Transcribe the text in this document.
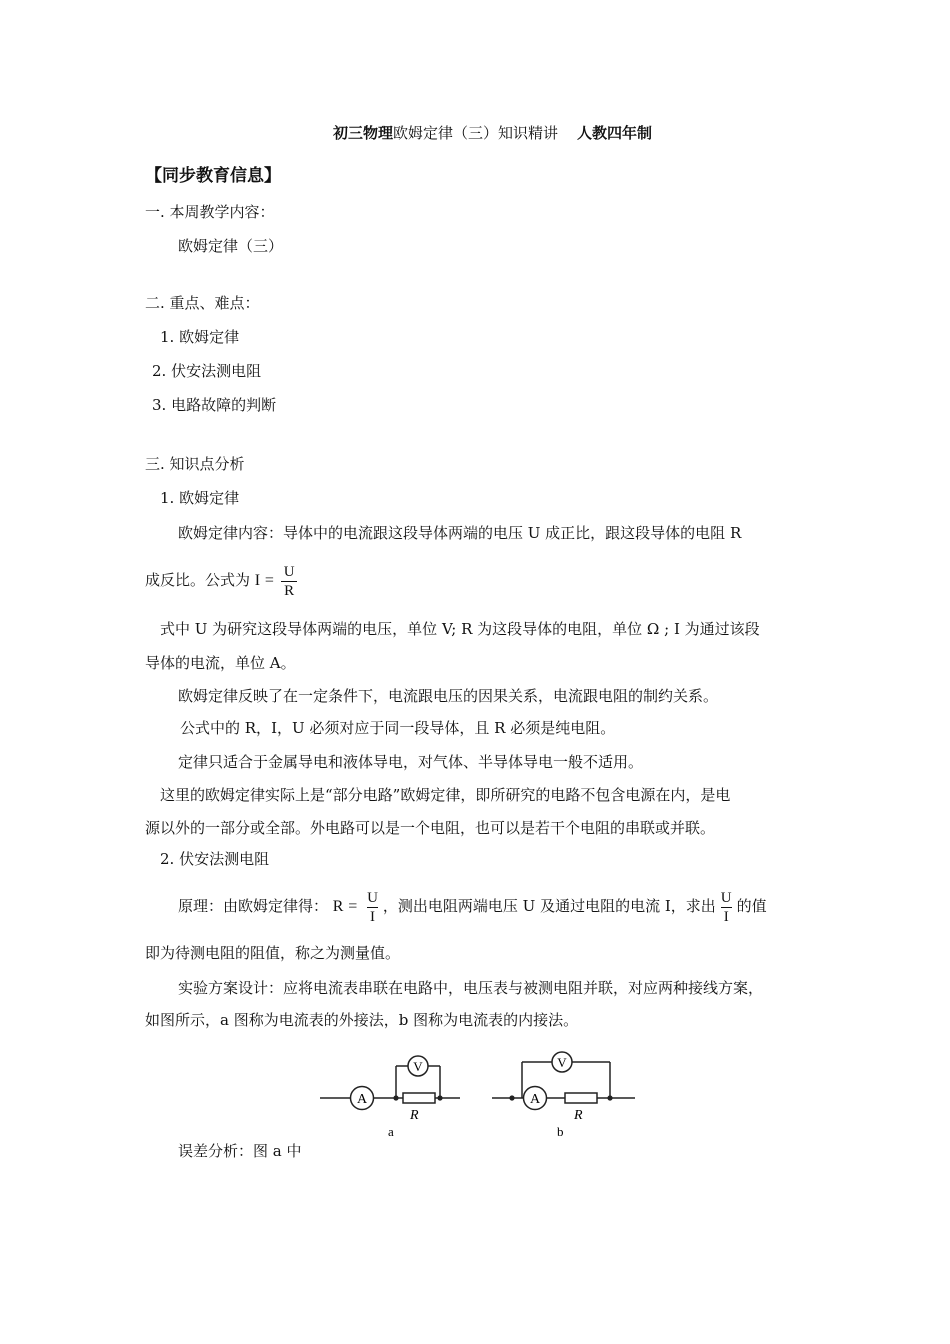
初三物理欧姆定律（三）知识精讲 人教四年制
【同步教育信息】
一. 本周教学内容：
欧姆定律（三）
二. 重点、难点：
1. 欧姆定律
2. 伏安法测电阻
3. 电路故障的判断
三. 知识点分析
1. 欧姆定律
欧姆定律内容：导体中的电流跟这段导体两端的电压 U 成正比，跟这段导体的电阻 R
成反比。公式为 $I = \frac{U}{R}$
式中 U 为研究这段导体两端的电压，单位 V; R 为这段导体的电阻，单位 Ω ; I 为通过该段
导体的电流，单位 A。
欧姆定律反映了在一定条件下，电流跟电压的因果关系，电流跟电阻的制约关系。
公式中的 R，I，U 必须对应于同一段导体，且 R 必须是纯电阻。
定律只适合于金属导电和液体导电，对气体、半导体导电一般不适用。
这里的欧姆定律实际上是“部分电路”欧姆定律，即所研究的电路不包含电源在内，是电
源以外的一部分或全部。外电路可以是一个电阻，也可以是若干个电阻的串联或并联。
2. 伏安法测电阻
原理：由欧姆定律得： $R = \frac{U}{I}$ ，测出电阻两端电压 U 及通过电阻的电流 I，求出 $\frac{U}{I}$ 的值
即为待测电阻的阻值，称之为测量值。
实验方案设计：应将电流表串联在电路中，电压表与被测电阻并联，对应两种接线方案，
如图所示，a 图称为电流表的外接法，b 图称为电流表的内接法。
A
V
R
a
A
V
R
b
误差分析：图 a 中
